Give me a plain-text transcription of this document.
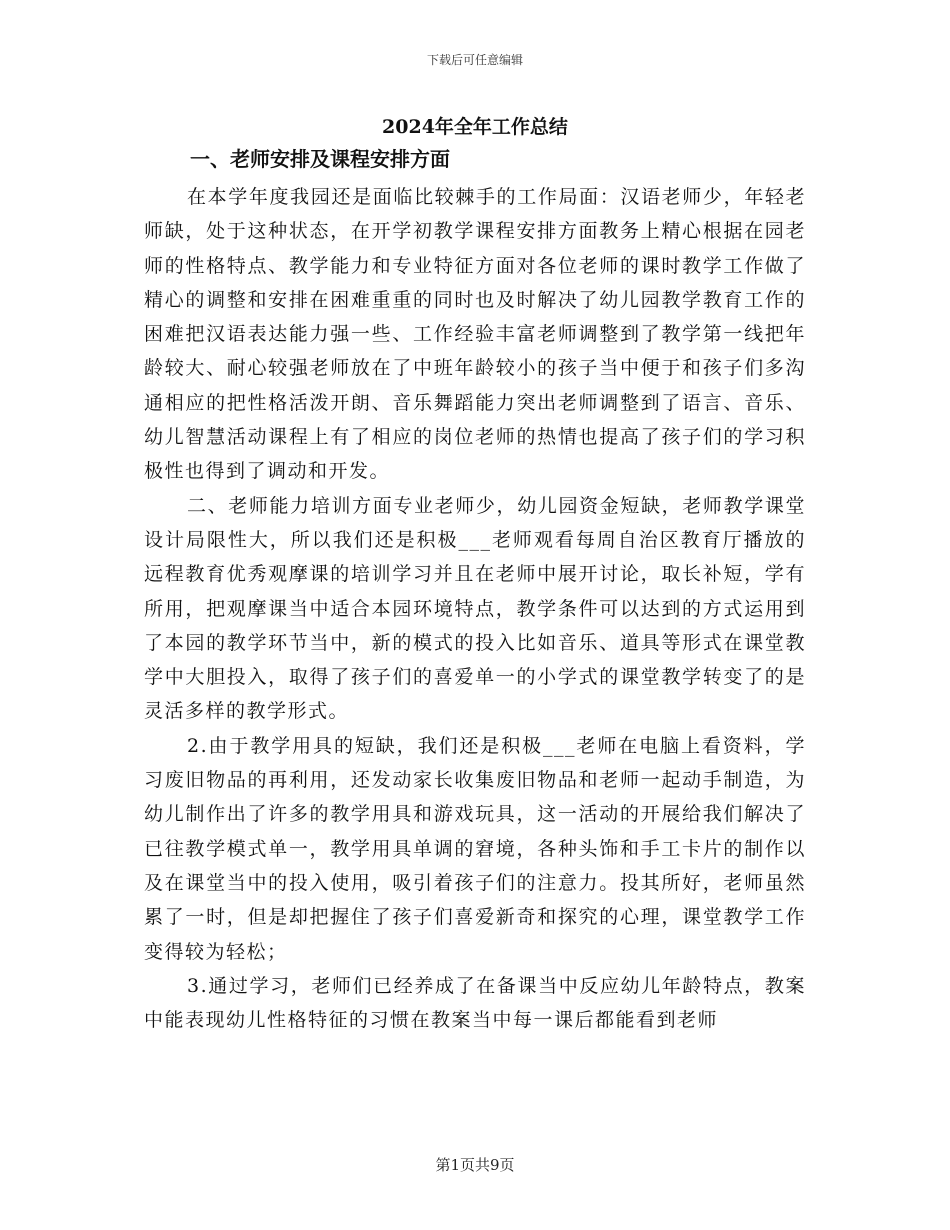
下载后可任意编辑
2024年全年工作总结
一、老师安排及课程安排方面

在本学年度我园还是面临比较棘手的工作局面：汉语老师少，年轻老师缺，处于这种状态，在开学初教学课程安排方面教务上精心根据在园老师的性格特点、教学能力和专业特征方面对各位老师的课时教学工作做了精心的调整和安排在困难重重的同时也及时解决了幼儿园教学教育工作的困难把汉语表达能力强一些、工作经验丰富老师调整到了教学第一线把年龄较大、耐心较强老师放在了中班年龄较小的孩子当中便于和孩子们多沟通相应的把性格活泼开朗、音乐舞蹈能力突出老师调整到了语言、音乐、幼儿智慧活动课程上有了相应的岗位老师的热情也提高了孩子们的学习积极性也得到了调动和开发。

二、老师能力培训方面专业老师少，幼儿园资金短缺，老师教学课堂设计局限性大，所以我们还是积极___老师观看每周自治区教育厅播放的远程教育优秀观摩课的培训学习并且在老师中展开讨论，取长补短，学有所用，把观摩课当中适合本园环境特点，教学条件可以达到的方式运用到了本园的教学环节当中，新的模式的投入比如音乐、道具等形式在课堂教学中大胆投入，取得了孩子们的喜爱单一的小学式的课堂教学转变了的是灵活多样的教学形式。

2.由于教学用具的短缺，我们还是积极___老师在电脑上看资料，学习废旧物品的再利用，还发动家长收集废旧物品和老师一起动手制造，为幼儿制作出了许多的教学用具和游戏玩具，这一活动的开展给我们解决了已往教学模式单一，教学用具单调的窘境，各种头饰和手工卡片的制作以及在课堂当中的投入使用，吸引着孩子们的注意力。投其所好，老师虽然累了一时，但是却把握住了孩子们喜爱新奇和探究的心理，课堂教学工作变得较为轻松；

3.通过学习，老师们已经养成了在备课当中反应幼儿年龄特点，教案中能表现幼儿性格特征的习惯在教案当中每一课后都能看到老师

第1页共9页
